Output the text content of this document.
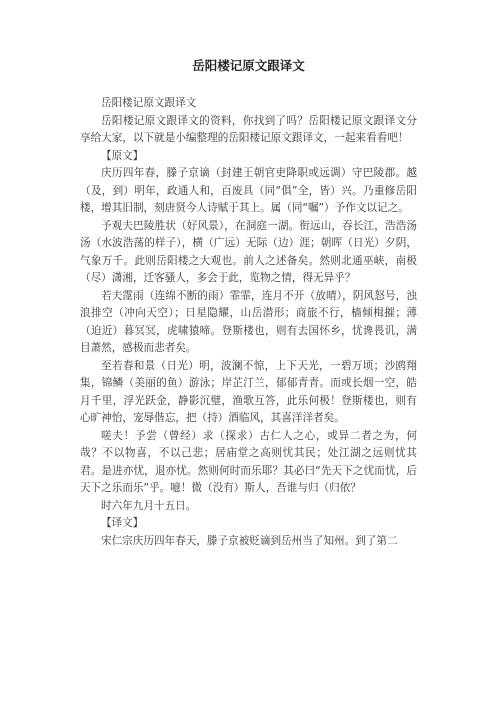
岳阳楼记原文跟译文

岳阳楼记原文跟译文

岳阳楼记原文跟译文的资料，你找到了吗？岳阳楼记原文跟译文分享给大家，以下就是小编整理的岳阳楼记原文跟译文，一起来看看吧！

【原文】

庆历四年春，滕子京谪（封建王朝官吏降职或远调）守巴陵郡。越（及，到）明年，政通人和，百废具（同“俱”全，皆）兴。乃重修岳阳楼，增其旧制，刻唐贤今人诗赋于其上。属（同“嘱”）予作文以记之。

予观夫巴陵胜状（好风景），在洞庭一湖。衔远山，吞长江，浩浩汤汤（水波浩荡的样子），横（广远）无际（边）涯；朝晖（日光）夕阴，气象万千。此则岳阳楼之大观也。前人之述备矣。然则北通巫峡，南极（尽）潇湘，迁客骚人，多会于此，览物之情，得无异乎？

若夫霪雨（连绵不断的雨）霏霏，连月不开（放晴），阴风怒号，浊浪排空（冲向天空）；日星隐耀，山岳潜形；商旅不行，樯倾楫摧；薄（迫近）暮冥冥，虎啸猿啼。登斯楼也，则有去国怀乡，忧谗畏讥，满目萧然，感极而悲者矣。

至若春和景（日光）明，波澜不惊，上下天光，一碧万顷；沙鸥翔集，锦鳞（美丽的鱼）游泳；岸芷汀兰，郁郁青青。而或长烟一空，皓月千里，浮光跃金，静影沉璧，渔歌互答，此乐何极！登斯楼也，则有心旷神怡，宠辱偕忘，把（持）酒临风，其喜洋洋者矣。

嗟夫！予尝（曾经）求（探求）古仁人之心，或异二者之为，何哉？不以物喜，不以己悲；居庙堂之高则忧其民；处江湖之远则忧其君。是进亦忧，退亦忧。然则何时而乐耶？其必曰“先天下之忧而忧，后天下之乐而乐”乎。噫！微（没有）斯人，吾谁与归（归依？

时六年九月十五日。

【译文】

宋仁宗庆历四年春天，滕子京被贬谪到岳州当了知州。到了第二
